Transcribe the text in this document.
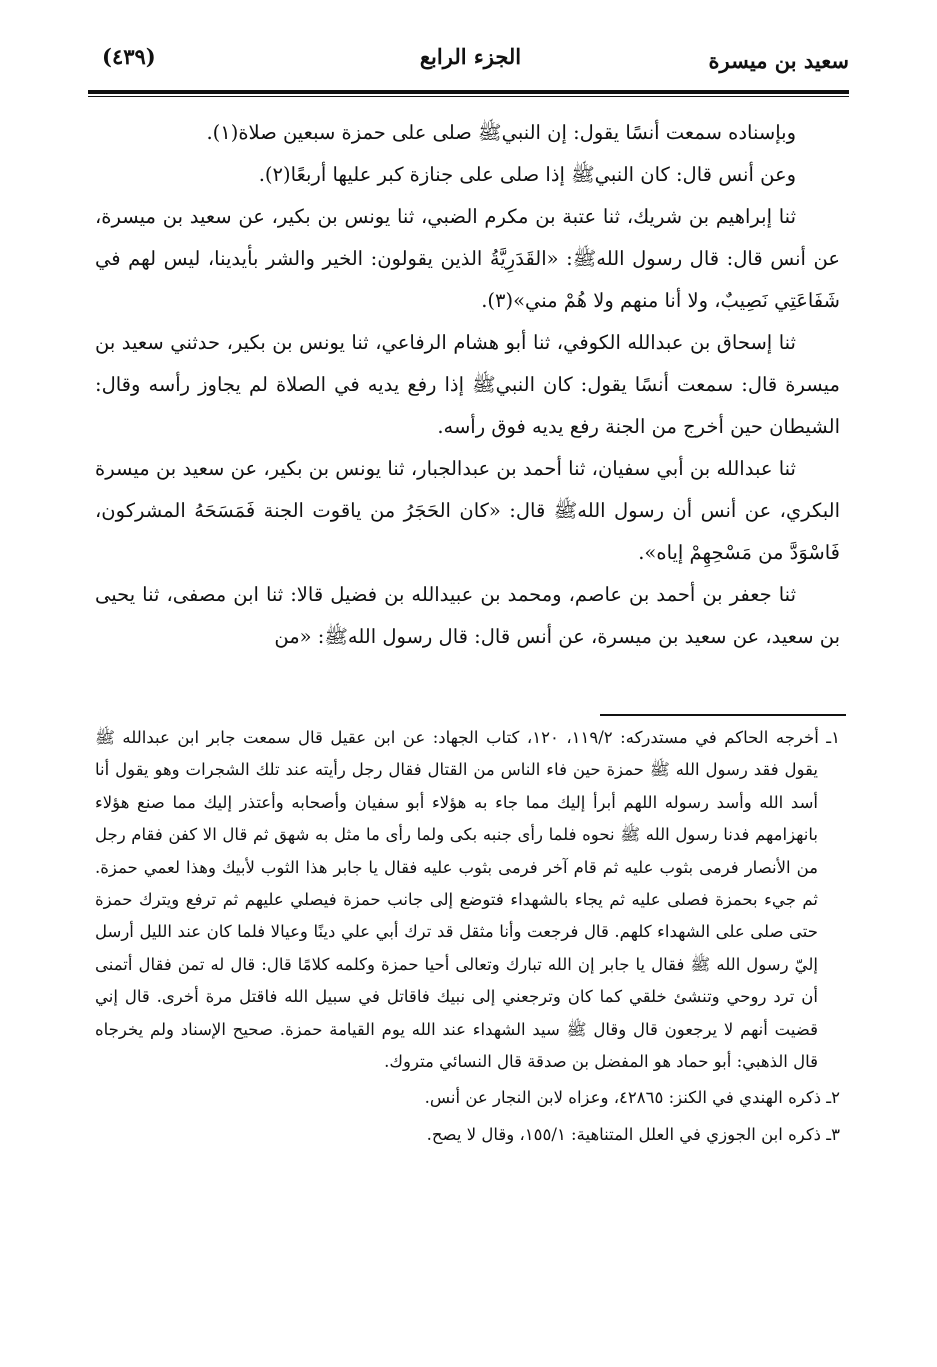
سعيد بن ميسرة
الجزء الرابع
(٤٣٩)

وبإسناده سمعت أنسًا يقول: إن النبيﷺ صلى على حمزة سبعين صلاة(١).

وعن أنس قال: كان النبيﷺ إذا صلى على جنازة كبر عليها أربعًا(٢).

ثنا إبراهيم بن شريك، ثنا عتبة بن مكرم الضبي، ثنا يونس بن بكير، عن سعيد بن ميسرة، عن أنس قال: قال رسول اللهﷺ: «القَدَرِيَّةُ الذين يقولون: الخير والشر بأيدينا، ليس لهم في شَفَاعَتِي نَصِيبٌ، ولا أنا منهم ولا هُمْ مني»(٣).

ثنا إسحاق بن عبدالله الكوفي، ثنا أبو هشام الرفاعي، ثنا يونس بن بكير، حدثني سعيد بن ميسرة قال: سمعت أنسًا يقول: كان النبيﷺ إذا رفع يديه في الصلاة لم يجاوز رأسه وقال: الشيطان حين أخرج من الجنة رفع يديه فوق رأسه.

ثنا عبدالله بن أبي سفيان، ثنا أحمد بن عبدالجبار، ثنا يونس بن بكير، عن سعيد بن ميسرة البكري، عن أنس أن رسول اللهﷺ قال: «كان الحَجَرُ من ياقوت الجنة فَمَسَحَهُ المشركون، فَاسْوَدَّ من مَسْحِهِمْ إياه».

ثنا جعفر بن أحمد بن عاصم، ومحمد بن عبيدالله بن فضيل قالا: ثنا ابن مصفى، ثنا يحيى بن سعيد، عن سعيد بن ميسرة، عن أنس قال: قال رسول اللهﷺ: «من

١ـ أخرجه الحاكم في مستدركه: ١١٩/٢، ١٢٠، كتاب الجهاد: عن ابن عقيل قال سمعت جابر ابن عبدالله ﷺ يقول فقد رسول الله ﷺ حمزة حين فاء الناس من القتال فقال رجل رأيته عند تلك الشجرات وهو يقول أنا أسد الله وأسد رسوله اللهم أبرأ إليك مما جاء به هؤلاء أبو سفيان وأصحابه وأعتذر إليك مما صنع هؤلاء بانهزامهم فدنا رسول الله ﷺ نحوه فلما رأى جنبه بكى ولما رأى ما مثل به شهق ثم قال الا كفن فقام رجل من الأنصار فرمى بثوب عليه ثم قام آخر فرمى بثوب عليه فقال يا جابر هذا الثوب لأبيك وهذا لعمي حمزة. ثم جيء بحمزة فصلى عليه ثم يجاء بالشهداء فتوضع إلى جانب حمزة فيصلي عليهم ثم ترفع ويترك حمزة حتى صلى على الشهداء كلهم. قال فرجعت وأنا مثقل قد ترك أبي علي دينًا وعيالا فلما كان عند الليل أرسل إليّ رسول الله ﷺ فقال يا جابر إن الله تبارك وتعالى أحيا حمزة وكلمه كلامًا قال: قال له تمن فقال أتمنى أن ترد روحي وتنشئ خلقي كما كان وترجعني إلى نبيك فاقاتل في سبيل الله فاقتل مرة أخرى. قال إني قضيت أنهم لا يرجعون قال وقال ﷺ سيد الشهداء عند الله يوم القيامة حمزة. صحيح الإسناد ولم يخرجاه قال الذهبي: أبو حماد هو المفضل بن صدقة قال النسائي متروك.

٢ـ ذكره الهندي في الكنز: ٤٢٨٦٥، وعزاه لابن النجار عن أنس.

٣ـ ذكره ابن الجوزي في العلل المتناهية: ١٥٥/١، وقال لا يصح.
